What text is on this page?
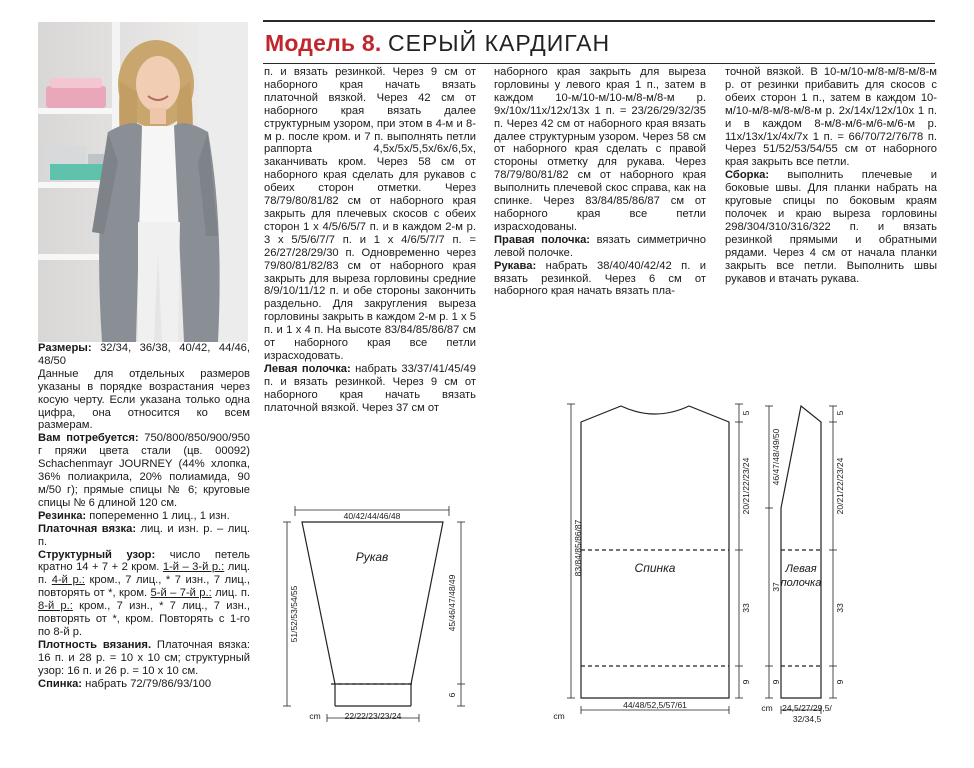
Модель 8. СЕРЫЙ КАРДИГАН

Размеры: 32/34, 36/38, 40/42, 44/46, 48/50

Данные для отдельных размеров указаны в порядке возрастания через косую черту. Если указана только одна цифра, она относится ко всем размерам.

Вам потребуется: 750/800/850/900/950 г пряжи цвета стали (цв. 00092) Schachenmayr JOURNEY (44% хлопка, 36% полиакрила, 20% полиамида, 90 м/50 г); прямые спицы № 6; круговые спицы № 6 длиной 120 см.

Резинка: попеременно 1 лиц., 1 изн.

Платочная вязка: лиц. и изн. р. – лиц. п.

Структурный узор: число петель кратно 14 + 7 + 2 кром. 1-й – 3-й р.: лиц. п. 4-й р.: кром., 7 лиц., * 7 изн., 7 лиц., повторять от *, кром. 5-й – 7-й р.: лиц. п. 8-й р.: кром., 7 изн., * 7 лиц., 7 изн., повторять от *, кром. Повторять с 1-го по 8-й р.

Плотность вязания. Платочная вязка: 16 п. и 28 р. = 10 х 10 см; структурный узор: 16 п. и 26 р. = 10 х 10 см.

Спинка: набрать 72/79/86/93/100

п. и вязать резинкой. Через 9 см от наборного края начать вязать платочной вязкой. Через 42 см от наборного края вязать далее структурным узором, при этом в 4-м и 8-м р. после кром. и 7 п. выполнять петли раппорта 4,5х/5х/5,5х/6х/6,5х, заканчивать кром. Через 58 см от наборного края сделать для рукавов с обеих сторон отметки. Через 78/79/80/81/82 см от наборного края закрыть для плечевых скосов с обеих сторон 1 х 4/5/6/5/7 п. и в каждом 2-м р. 3 х 5/5/6/7/7 п. и 1 х 4/6/5/7/7 п. = 26/27/28/29/30 п. Одновременно через 79/80/81/82/83 см от наборного края закрыть для выреза горловины средние 8/9/10/11/12 п. и обе стороны закончить раздельно. Для закругления выреза горловины закрыть в каждом 2-м р. 1 х 5 п. и 1 х 4 п. На высоте 83/84/85/86/87 см от наборного края все петли израсходовать.

Левая полочка: набрать 33/37/41/45/49 п. и вязать резинкой. Через 9 см от наборного края начать вязать платочной вязкой. Через 37 см от

наборного края закрыть для выреза горловины у левого края 1 п., затем в каждом 10-м/10-м/10-м/8-м/8-м р. 9х/10х/11х/12х/13х 1 п. = 23/26/29/32/35 п. Через 42 см от наборного края вязать далее структурным узором. Через 58 см от наборного края сделать с правой стороны отметку для рукава. Через 78/79/80/81/82 см от наборного края выполнить плечевой скос справа, как на спинке. Через 83/84/85/86/87 см от наборного края все петли израсходованы.

Правая полочка: вязать симметрично левой полочке.

Рукава: набрать 38/40/40/42/42 п. и вязать резинкой. Через 6 см от наборного края начать вязать пла-

точной вязкой. В 10-м/10-м/8-м/8-м/8-м р. от резинки прибавить для скосов с обеих сторон 1 п., затем в каждом 10-м/10-м/8-м/8-м/8-м р. 2х/14х/12х/10х 1 п. и в каждом 8-м/8-м/6-м/6-м/6-м р. 11х/13х/1х/4х/7х 1 п. = 66/70/72/76/78 п. Через 51/52/53/54/55 см от наборного края закрыть все петли.

Сборка: выполнить плечевые и боковые швы. Для планки набрать на круговые спицы по боковым краям полочек и краю выреза горловины 298/304/310/316/322 п. и вязать резинкой прямыми и обратными рядами. Через 4 см от начала планки закрыть все петли. Выполнить швы рукавов и втачать рукава.

40/42/44/46/48
Рукав
22/22/23/23/24
cm
51/52/53/54/55	45/46/47/48/49
6
Спинка
83/84/85/86/87
44/48/52,5/57/61
cm
5
20/21/22/23/24
33
9
Левая
полочка
46/47/48/49/50
37
9
5
20/21/22/23/24
33
9
cm 24,5/27/29,5/
32/34,5
